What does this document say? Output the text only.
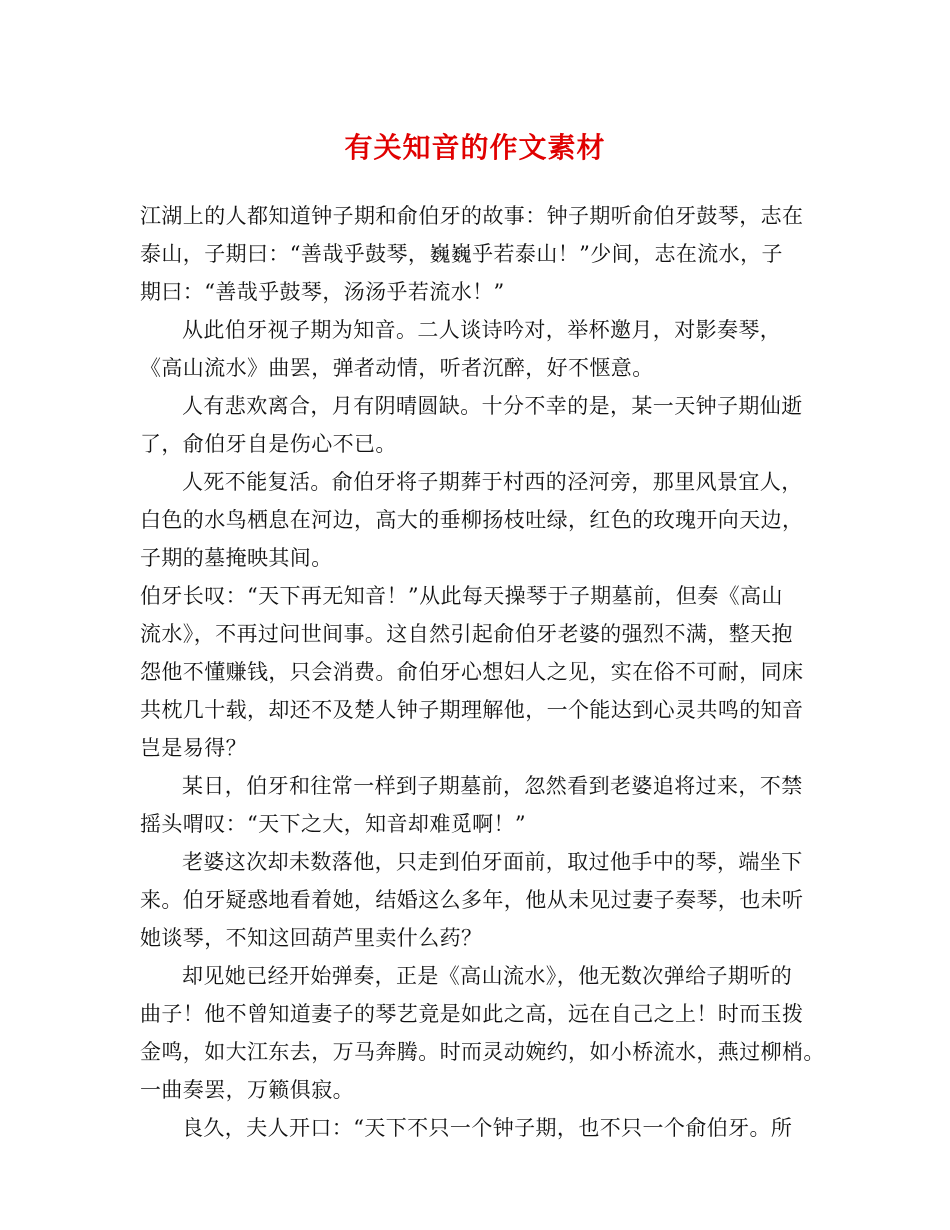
有关知音的作文素材
江湖上的人都知道钟子期和俞伯牙的故事：钟子期听俞伯牙鼓琴，志在
泰山，子期曰：“善哉乎鼓琴，巍巍乎若泰山！”少间，志在流水，子
期曰：“善哉乎鼓琴，汤汤乎若流水！”
从此伯牙视子期为知音。二人谈诗吟对，举杯邀月，对影奏琴，
《高山流水》曲罢，弹者动情，听者沉醉，好不惬意。
人有悲欢离合，月有阴晴圆缺。十分不幸的是，某一天钟子期仙逝
了，俞伯牙自是伤心不已。
人死不能复活。俞伯牙将子期葬于村西的泾河旁，那里风景宜人，
白色的水鸟栖息在河边，高大的垂柳扬枝吐绿，红色的玫瑰开向天边，
子期的墓掩映其间。
伯牙长叹：“天下再无知音！”从此每天操琴于子期墓前，但奏《高山
流水》，不再过问世间事。这自然引起俞伯牙老婆的强烈不满，整天抱
怨他不懂赚钱，只会消费。俞伯牙心想妇人之见，实在俗不可耐，同床
共枕几十载，却还不及楚人钟子期理解他，一个能达到心灵共鸣的知音
岂是易得？
某日，伯牙和往常一样到子期墓前，忽然看到老婆追将过来，不禁
摇头喟叹：“天下之大，知音却难觅啊！”
老婆这次却未数落他，只走到伯牙面前，取过他手中的琴，端坐下
来。伯牙疑惑地看着她，结婚这么多年，他从未见过妻子奏琴，也未听
她谈琴，不知这回葫芦里卖什么药？
却见她已经开始弹奏，正是《高山流水》，他无数次弹给子期听的
曲子！他不曾知道妻子的琴艺竟是如此之高，远在自己之上！时而玉拨
金鸣，如大江东去，万马奔腾。时而灵动婉约，如小桥流水，燕过柳梢。
一曲奏罢，万籁俱寂。
良久，夫人开口：“天下不只一个钟子期，也不只一个俞伯牙。所
